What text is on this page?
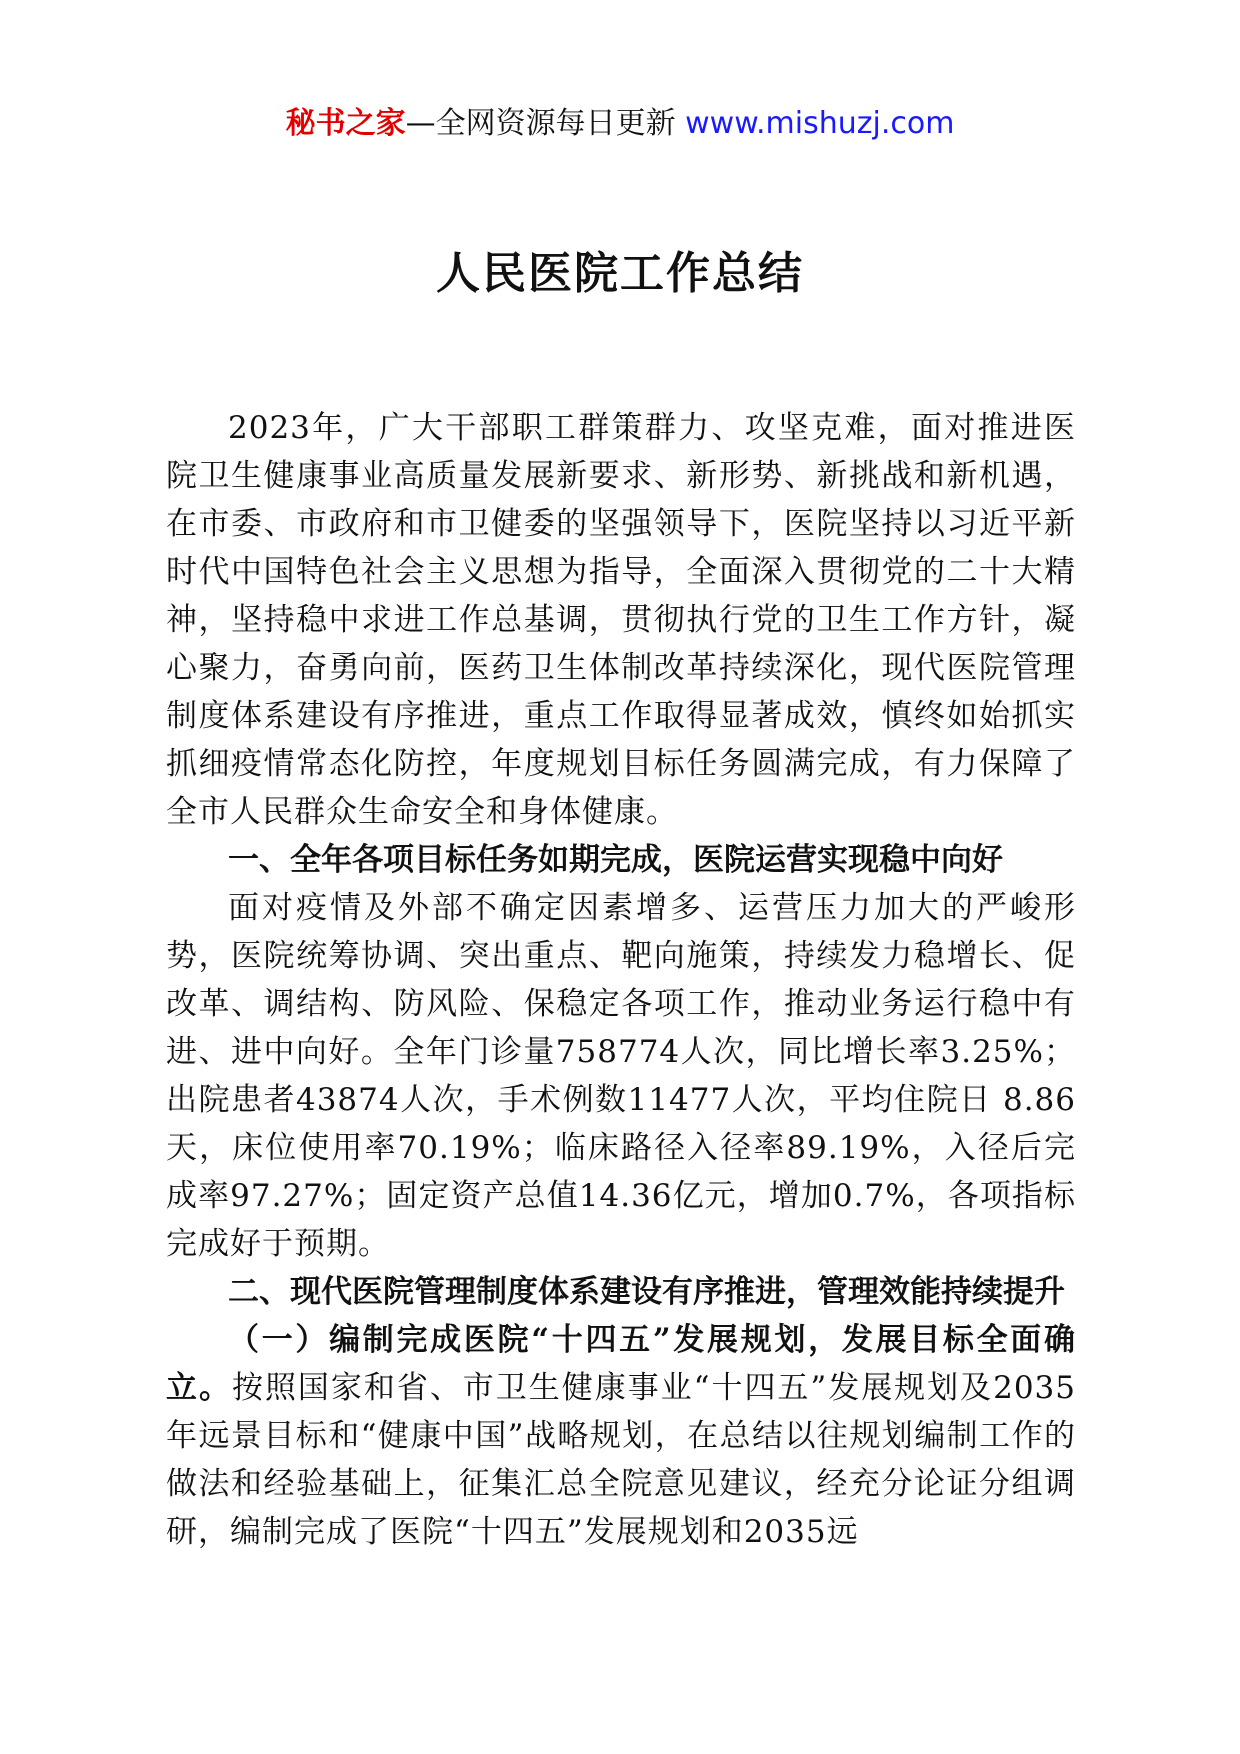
秘书之家—全网资源每日更新 www.mishuzj.com
人民医院工作总结

2023年，广大干部职工群策群力、攻坚克难，面对推进医院卫生健康事业高质量发展新要求、新形势、新挑战和新机遇，在市委、市政府和市卫健委的坚强领导下，医院坚持以习近平新时代中国特色社会主义思想为指导，全面深入贯彻党的二十大精神，坚持稳中求进工作总基调，贯彻执行党的卫生工作方针，凝心聚力，奋勇向前，医药卫生体制改革持续深化，现代医院管理制度体系建设有序推进，重点工作取得显著成效，慎终如始抓实抓细疫情常态化防控，年度规划目标任务圆满完成，有力保障了全市人民群众生命安全和身体健康。

一、全年各项目标任务如期完成，医院运营实现稳中向好

面对疫情及外部不确定因素增多、运营压力加大的严峻形势，医院统筹协调、突出重点、靶向施策，持续发力稳增长、促改革、调结构、防风险、保稳定各项工作，推动业务运行稳中有进、进中向好。全年门诊量758774人次，同比增长率3.25%；出院患者43874人次，手术例数11477人次，平均住院日 8.86 天，床位使用率70.19%；临床路径入径率89.19%，入径后完成率97.27%；固定资产总值14.36亿元，增加0.7%，各项指标完成好于预期。

二、现代医院管理制度体系建设有序推进，管理效能持续提升

（一）编制完成医院“十四五”发展规划，发展目标全面确立。按照国家和省、市卫生健康事业“十四五”发展规划及2035年远景目标和“健康中国”战略规划，在总结以往规划编制工作的做法和经验基础上，征集汇总全院意见建议，经充分论证分组调研，编制完成了医院“十四五”发展规划和2035远
